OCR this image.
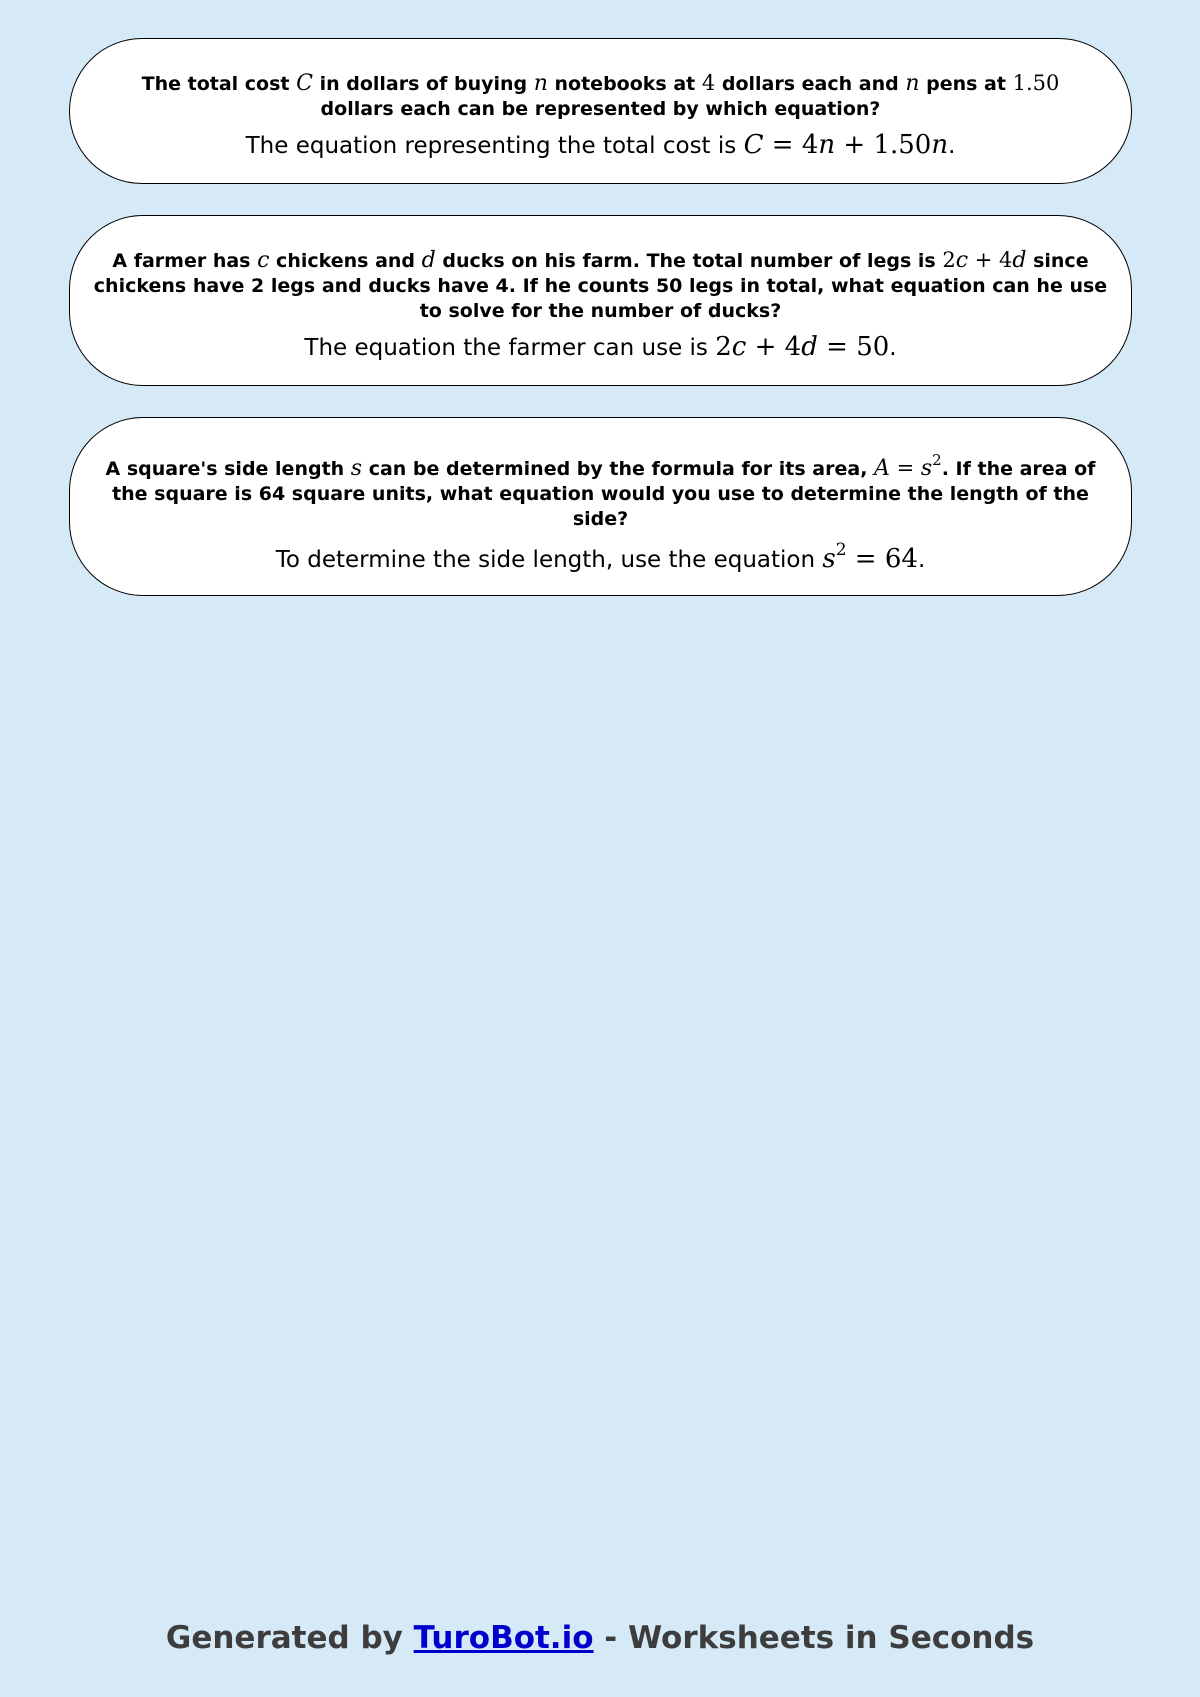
The total cost C in dollars of buying n notebooks at 4 dollars each and n pens at 1.50
dollars each can be represented by which equation?

The equation representing the total cost is C = 4n + 1.50n.

A farmer has c chickens and d ducks on his farm. The total number of legs is 2c + 4d since chickens have 2 legs and ducks have 4. If he counts 50 legs in total, what equation can he use to solve for the number of ducks?

The equation the farmer can use is 2c + 4d = 50.

A square's side length s can be determined by the formula for its area, $A = s^2$. If the area of the square is 64 square units, what equation would you use to determine the length of the side?

To determine the side length, use the equation $s^2 = 64$.

Generated by TuroBot.io - Worksheets in Seconds
